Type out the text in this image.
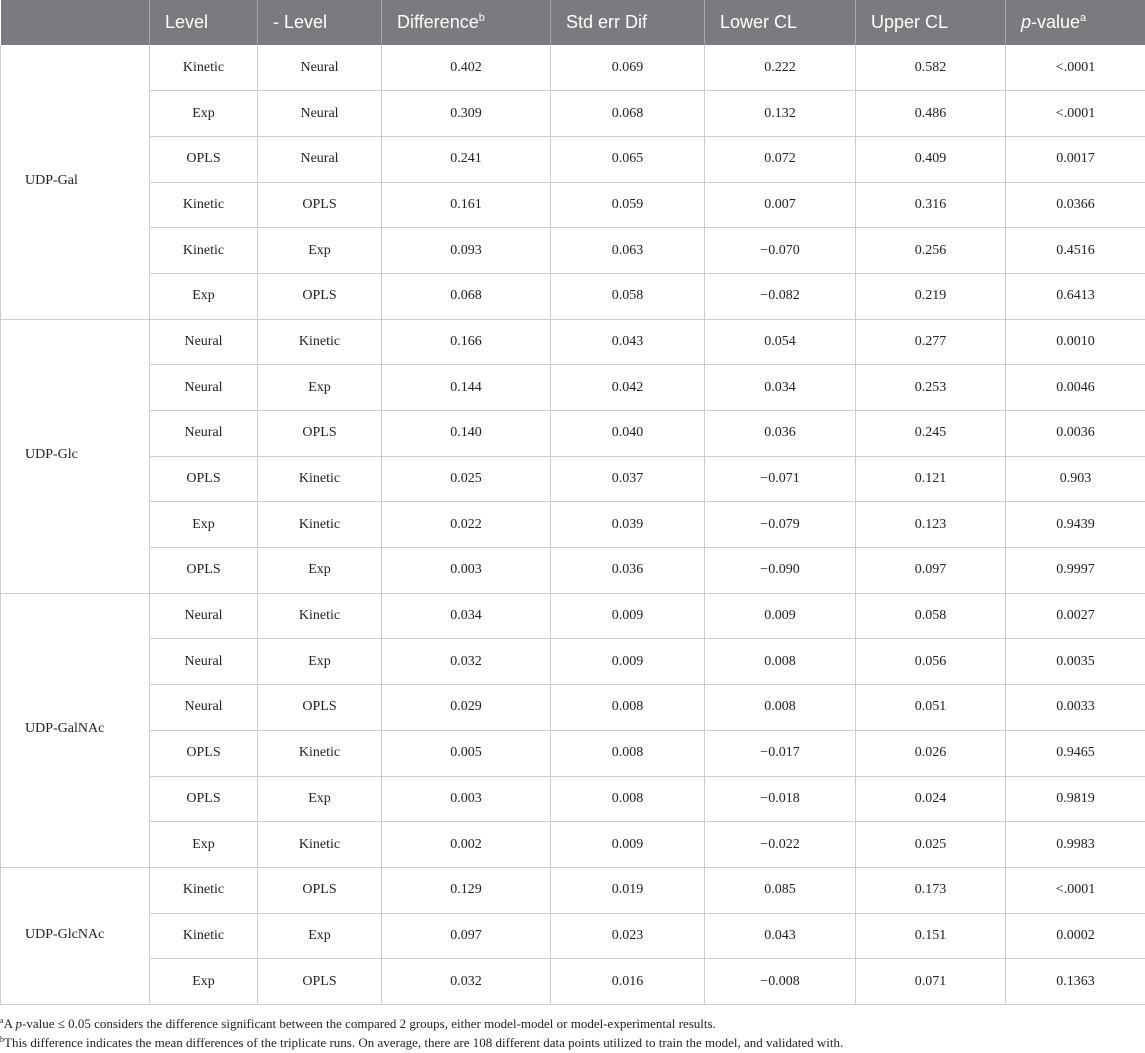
	Level	- Level	Difference$^b$	Std err Dif	Lower CL	Upper CL	p-value$^a$
UDP-Gal	Kinetic	Neural	0.402	0.069	0.222	0.582	<.0001
	Exp	Neural	0.309	0.068	0.132	0.486	<.0001
	OPLS	Neural	0.241	0.065	0.072	0.409	0.0017
	Kinetic	OPLS	0.161	0.059	0.007	0.316	0.0366
	Kinetic	Exp	0.093	0.063	−0.070	0.256	0.4516
	Exp	OPLS	0.068	0.058	−0.082	0.219	0.6413
UDP-Glc	Neural	Kinetic	0.166	0.043	0.054	0.277	0.0010
	Neural	Exp	0.144	0.042	0.034	0.253	0.0046
	Neural	OPLS	0.140	0.040	0.036	0.245	0.0036
	OPLS	Kinetic	0.025	0.037	−0.071	0.121	0.903
	Exp	Kinetic	0.022	0.039	−0.079	0.123	0.9439
	OPLS	Exp	0.003	0.036	−0.090	0.097	0.9997
UDP-GalNAc	Neural	Kinetic	0.034	0.009	0.009	0.058	0.0027
	Neural	Exp	0.032	0.009	0.008	0.056	0.0035
	Neural	OPLS	0.029	0.008	0.008	0.051	0.0033
	OPLS	Kinetic	0.005	0.008	−0.017	0.026	0.9465
	OPLS	Exp	0.003	0.008	−0.018	0.024	0.9819
	Exp	Kinetic	0.002	0.009	−0.022	0.025	0.9983
UDP-GlcNAc	Kinetic	OPLS	0.129	0.019	0.085	0.173	<.0001
	Kinetic	Exp	0.097	0.023	0.043	0.151	0.0002
	Exp	OPLS	0.032	0.016	−0.008	0.071	0.1363
$^a$A p-value ≤ 0.05 considers the difference significant between the compared 2 groups, either model-model or model-experimental results.
$^b$This difference indicates the mean differences of the triplicate runs. On average, there are 108 different data points utilized to train the model, and validated with.
